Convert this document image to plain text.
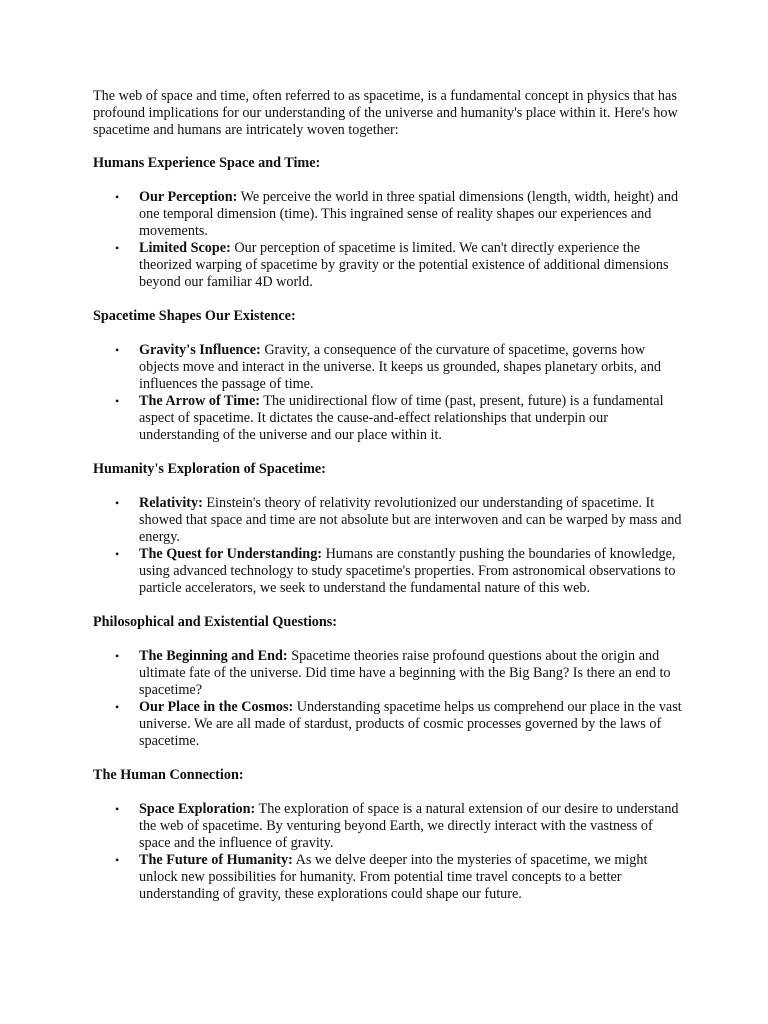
The web of space and time, often referred to as spacetime, is a fundamental concept in physics that has profound implications for our understanding of the universe and humanity's place within it. Here's how spacetime and humans are intricately woven together:

Humans Experience Space and Time:
• Our Perception: We perceive the world in three spatial dimensions (length, width, height) and one temporal dimension (time). This ingrained sense of reality shapes our experiences and movements.
• Limited Scope: Our perception of spacetime is limited. We can't directly experience the theorized warping of spacetime by gravity or the potential existence of additional dimensions beyond our familiar 4D world.
Spacetime Shapes Our Existence:
• Gravity's Influence: Gravity, a consequence of the curvature of spacetime, governs how objects move and interact in the universe. It keeps us grounded, shapes planetary orbits, and influences the passage of time.
• The Arrow of Time: The unidirectional flow of time (past, present, future) is a fundamental aspect of spacetime. It dictates the cause-and-effect relationships that underpin our understanding of the universe and our place within it.
Humanity's Exploration of Spacetime:
• Relativity: Einstein's theory of relativity revolutionized our understanding of spacetime. It showed that space and time are not absolute but are interwoven and can be warped by mass and energy.
• The Quest for Understanding: Humans are constantly pushing the boundaries of knowledge, using advanced technology to study spacetime's properties. From astronomical observations to particle accelerators, we seek to understand the fundamental nature of this web.
Philosophical and Existential Questions:
• The Beginning and End: Spacetime theories raise profound questions about the origin and ultimate fate of the universe. Did time have a beginning with the Big Bang? Is there an end to spacetime?
• Our Place in the Cosmos: Understanding spacetime helps us comprehend our place in the vast universe. We are all made of stardust, products of cosmic processes governed by the laws of spacetime.
The Human Connection:
• Space Exploration: The exploration of space is a natural extension of our desire to understand the web of spacetime. By venturing beyond Earth, we directly interact with the vastness of space and the influence of gravity.
• The Future of Humanity: As we delve deeper into the mysteries of spacetime, we might unlock new possibilities for humanity. From potential time travel concepts to a better understanding of gravity, these explorations could shape our future.
